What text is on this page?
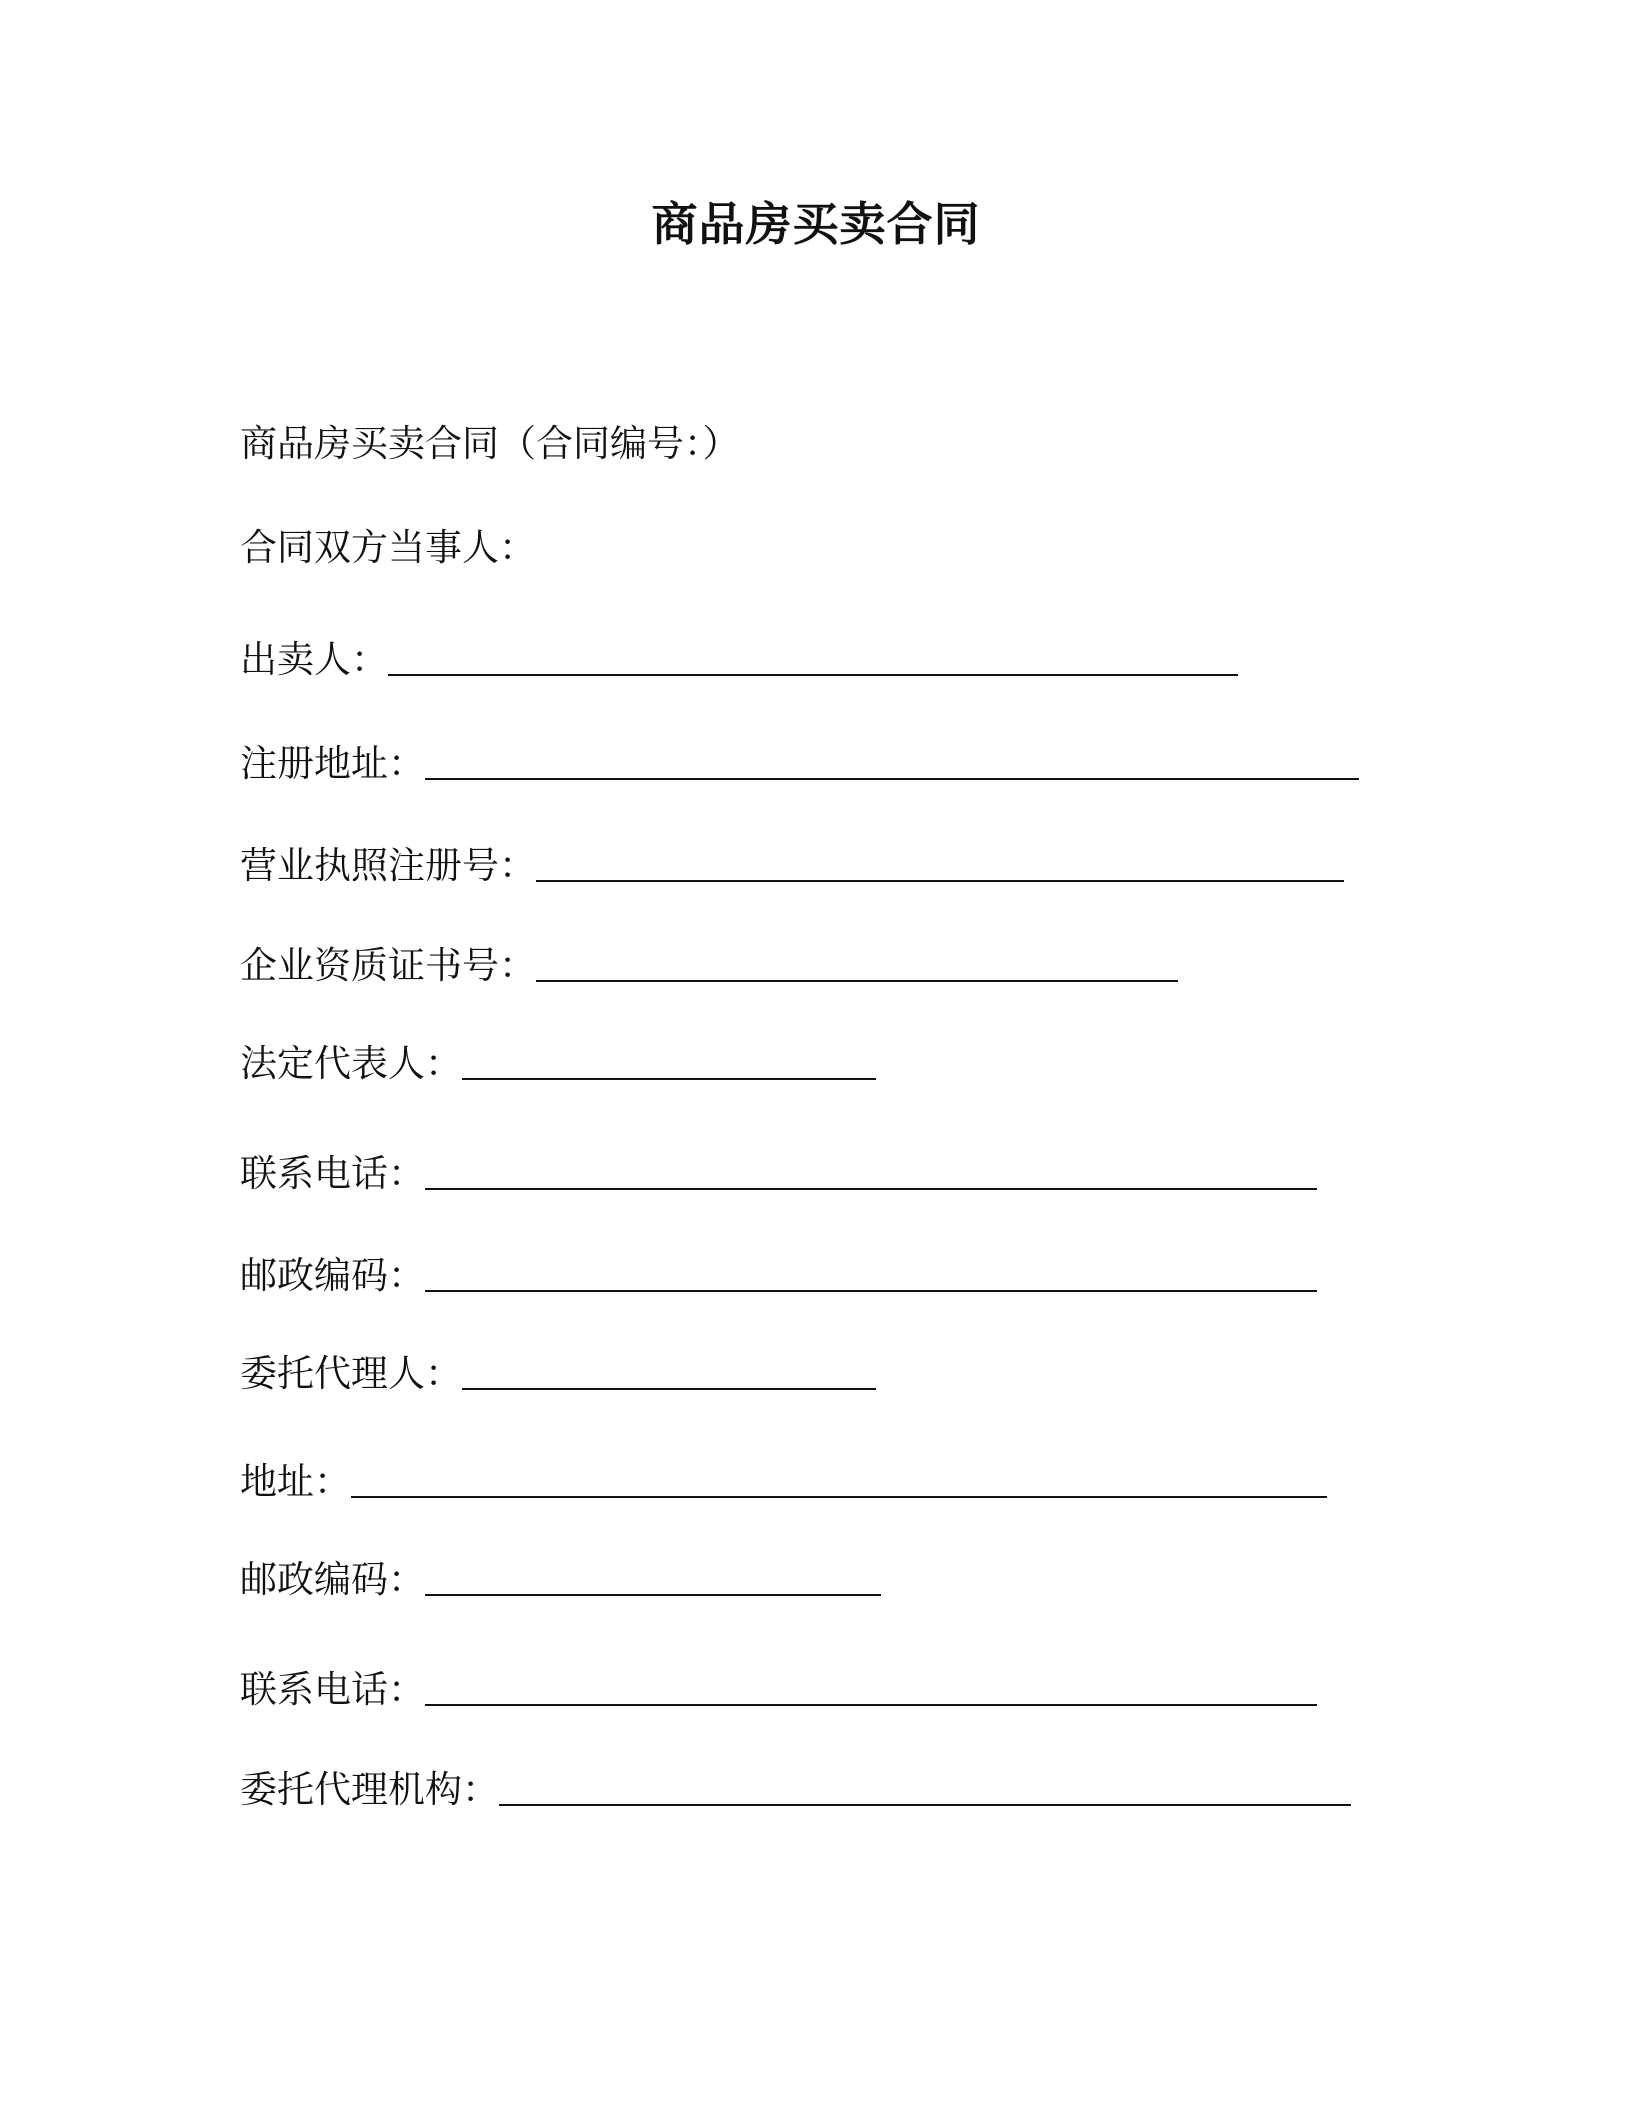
商品房买卖合同
商品房买卖合同（合同编号：）
合同双方当事人：
出卖人：
注册地址：
营业执照注册号：
企业资质证书号：
法定代表人：
联系电话：
邮政编码：
委托代理人：
地址：
邮政编码：
联系电话：
委托代理机构：
